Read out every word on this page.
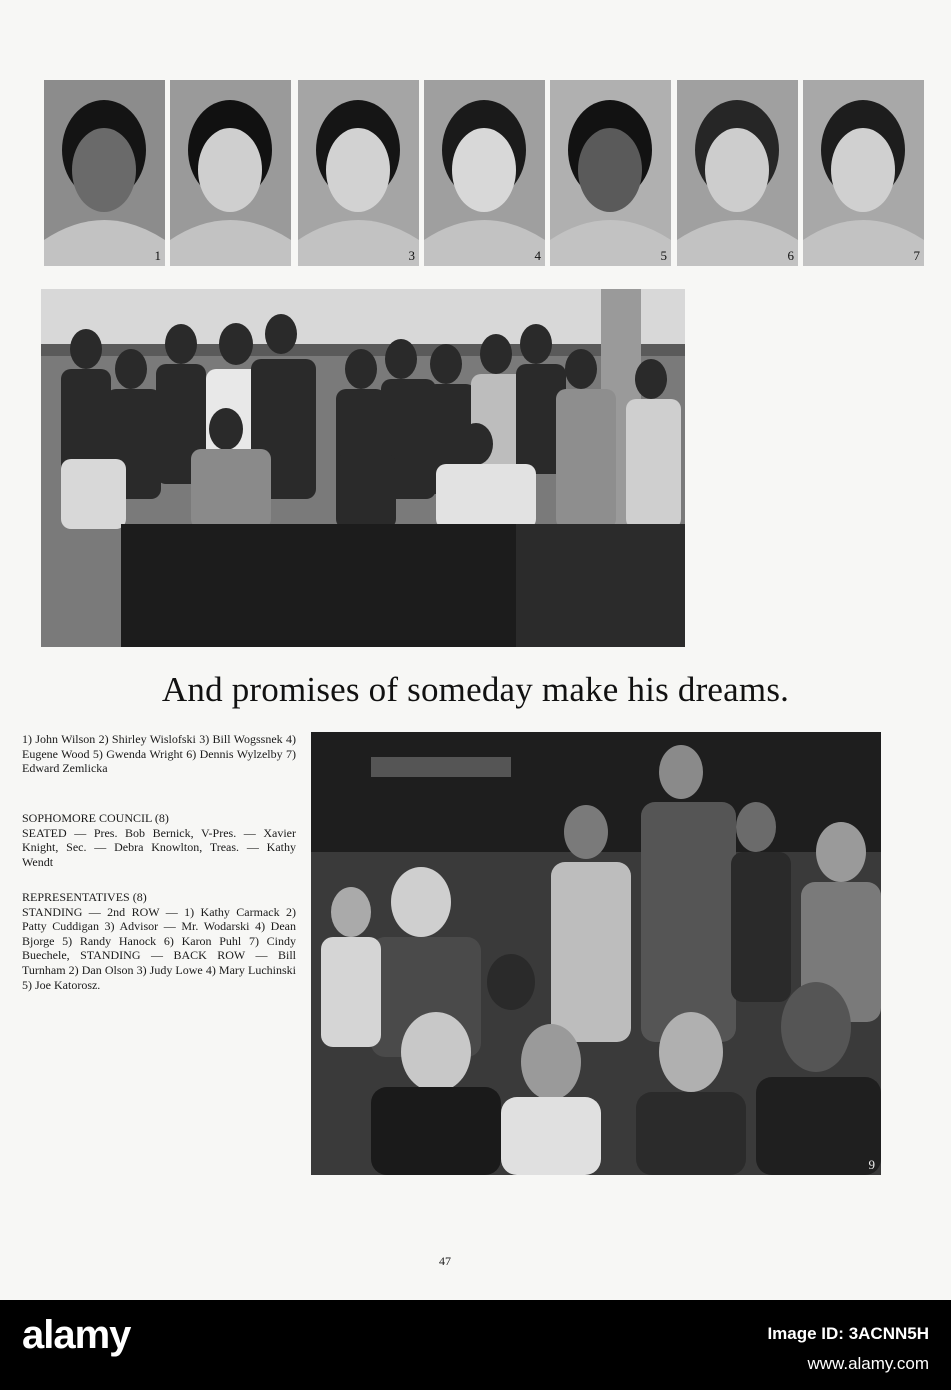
1	3	4	5	6	7
And promises of someday make his dreams.
1) John Wilson 2) Shirley Wislofski 3) Bill Wogssnek 4) Eugene Wood 5) Gwenda Wright 6) Dennis Wylzelby 7) Edward Zemlicka
SOPHOMORE COUNCIL (8)
SEATED — Pres. Bob Bernick, V-Pres. — Xavier Knight, Sec. — Debra Knowlton, Treas. — Kathy Wendt
REPRESENTATIVES (8)
STANDING — 2nd ROW — 1) Kathy Carmack 2) Patty Cuddigan 3) Advisor — Mr. Wodarski 4) Dean Bjorge 5) Randy Hanock 6) Karon Puhl 7) Cindy Buechele, STANDING — BACK ROW — Bill Turnham 2) Dan Olson 3) Judy Lowe 4) Mary Luchinski 5) Joe Katorosz.
9
47
alamy	Image ID: 3ACNN5H
www.alamy.com
